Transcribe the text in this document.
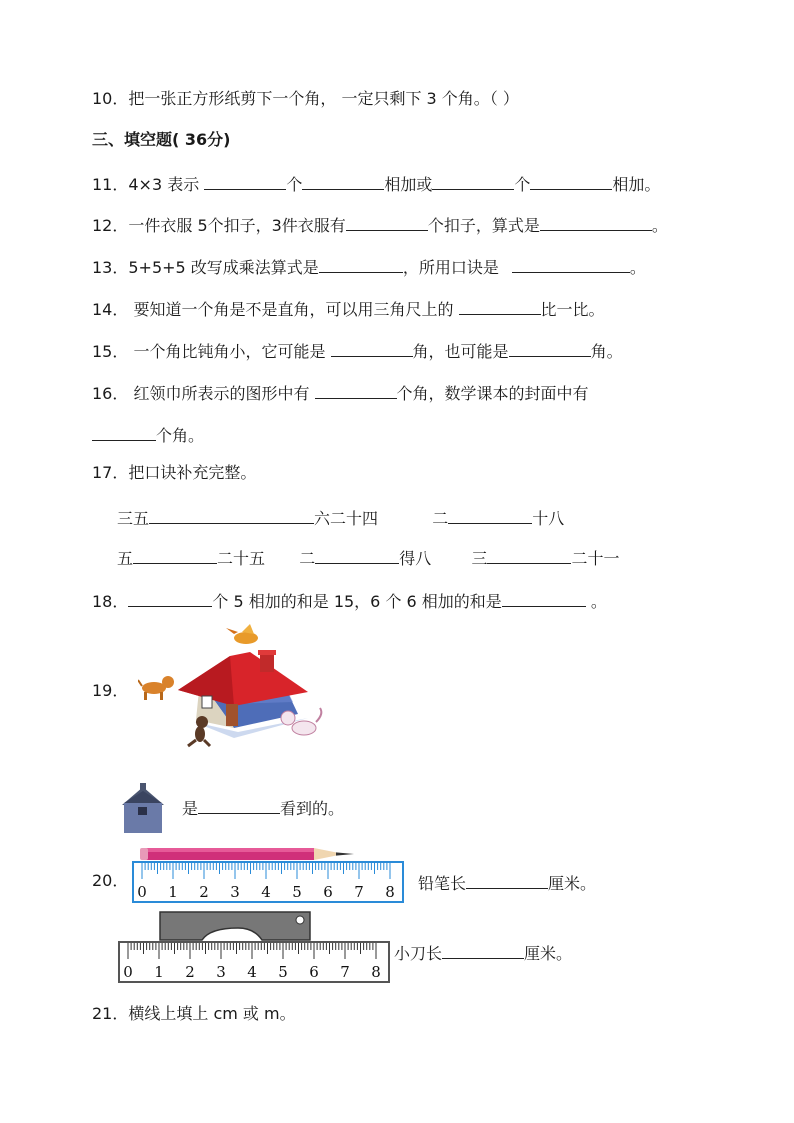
10．把一张正方形纸剪下一个角， 一定只剩下 3 个角。（ ）
三、填空题( 36分)
11．4×3 表示	个	相加或	个	相加。
12．一件衣服 5个扣子，3件衣服有	个扣子，算式是	。
13．5+5+5 改写成乘法算式是	，所用口诀是	。
14． 要知道一个角是不是直角，可以用三角尺上的	比一比。
15． 一个角比钝角小，它可能是	角，也可能是	角。
16． 红领巾所表示的图形中有	个角，数学课本的封面中有
个角。
17．把口诀补充完整。
三五	六二十四	二	十八
五	二十五 二	得八	三	二十一
18．	个 5 相加的和是 15，6 个 6 相加的和是	。
19．
是	看到的。
20．
0 1 2 3 4 5 6 7 8 铅笔长	厘米。
0 1 2 3 4 5 6 7 8
小刀长	厘米。
21．横线上填上 cm 或 m。
